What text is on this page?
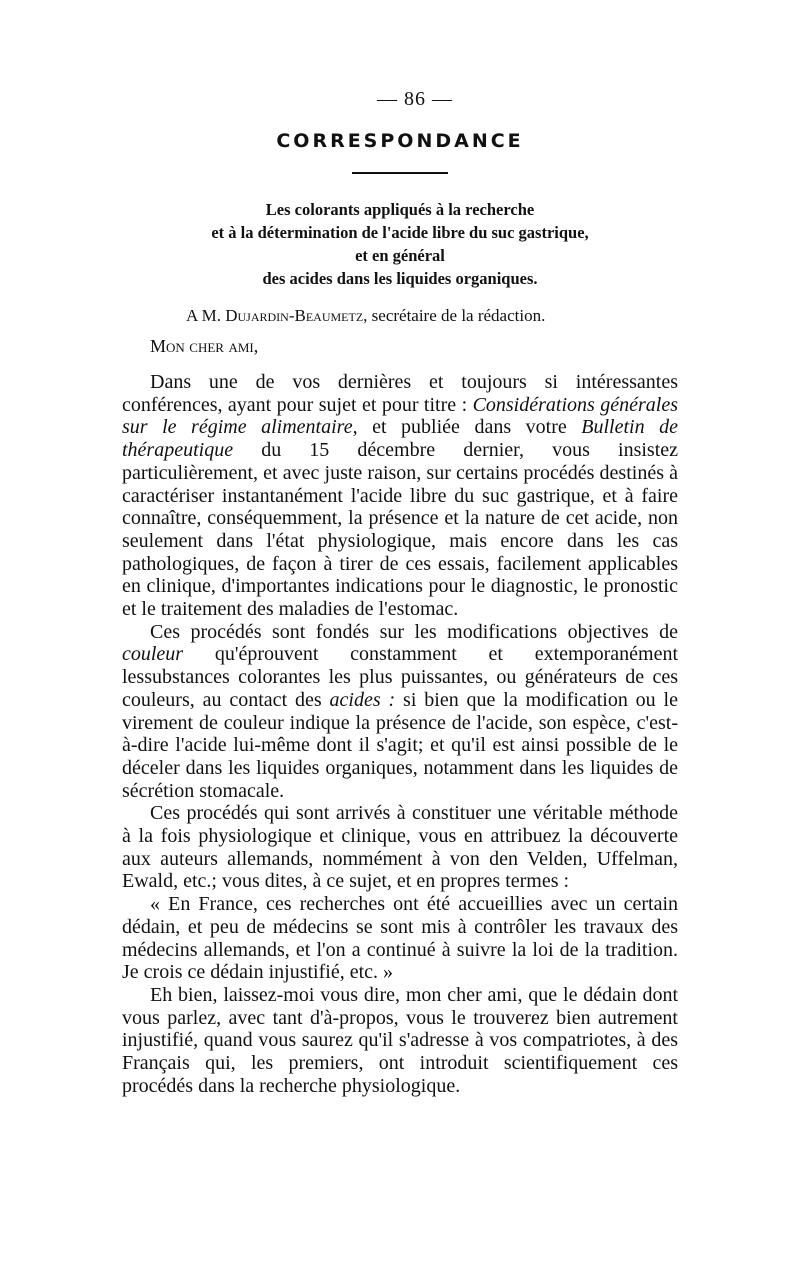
— 86 —
CORRESPONDANCE
Les colorants appliqués à la recherche
et à la détermination de l'acide libre du suc gastrique,
et en général
des acides dans les liquides organiques.
A M. Dujardin-Beaumetz, secrétaire de la rédaction.
Mon cher ami,

Dans une de vos dernières et toujours si intéressantes conférences, ayant pour sujet et pour titre : Considérations générales sur le régime alimentaire, et publiée dans votre Bulletin de thérapeutique du 15 décembre dernier, vous insistez particulièrement, et avec juste raison, sur certains procédés destinés à caractériser instantanément l'acide libre du suc gastrique, et à faire connaître, conséquemment, la présence et la nature de cet acide, non seulement dans l'état physiologique, mais encore dans les cas pathologiques, de façon à tirer de ces essais, facilement applicables en clinique, d'importantes indications pour le diagnostic, le pronostic et le traitement des maladies de l'estomac.

Ces procédés sont fondés sur les modifications objectives de couleur qu'éprouvent constamment et extemporanément lessubstances colorantes les plus puissantes, ou générateurs de ces couleurs, au contact des acides : si bien que la modification ou le virement de couleur indique la présence de l'acide, son espèce, c'est-à-dire l'acide lui-même dont il s'agit; et qu'il est ainsi possible de le déceler dans les liquides organiques, notamment dans les liquides de sécrétion stomacale.

Ces procédés qui sont arrivés à constituer une véritable méthode à la fois physiologique et clinique, vous en attribuez la découverte aux auteurs allemands, nommément à von den Velden, Uffelman, Ewald, etc.; vous dites, à ce sujet, et en propres termes :

« En France, ces recherches ont été accueillies avec un certain dédain, et peu de médecins se sont mis à contrôler les travaux des médecins allemands, et l'on a continué à suivre la loi de la tradition. Je crois ce dédain injustifié, etc. »

Eh bien, laissez-moi vous dire, mon cher ami, que le dédain dont vous parlez, avec tant d'à-propos, vous le trouverez bien autrement injustifié, quand vous saurez qu'il s'adresse à vos compatriotes, à des Français qui, les premiers, ont introduit scientifiquement ces procédés dans la recherche physiologique.
